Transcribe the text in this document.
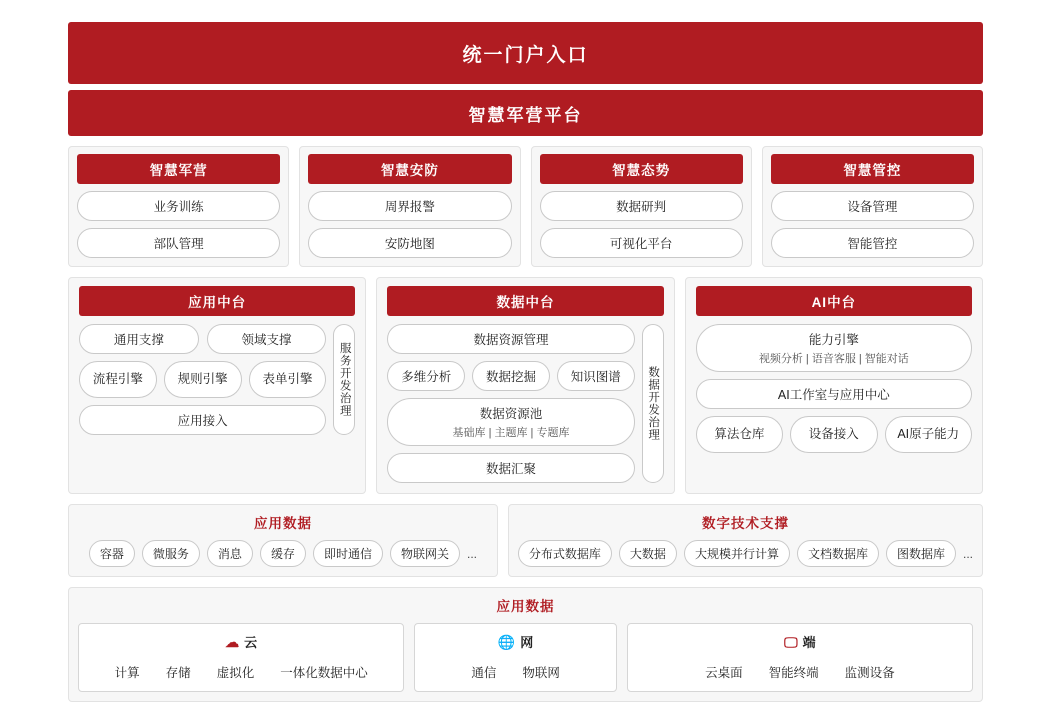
统一门户入口
智慧军营平台
智慧军营
业务训练
部队管理
智慧安防
周界报警
安防地图
智慧态势
数据研判
可视化平台
智慧管控
设备管理
智能管控
应用中台
通用支撑	领域支撑
流程引擎	规则引擎	表单引擎
应用接入
服务开发治理
数据中台
数据资源管理
多维分析	数据挖掘	知识图谱
数据资源池
基础库 | 主题库 | 专题库
数据汇聚
数据开发治理
AI中台
能力引擎
视频分析 | 语音客服 | 智能对话
AI工作室与应用中心
算法仓库	设备接入	AI原子能力
应用数据
容器	微服务	消息	缓存	即时通信	物联网关	...
数字技术支撑
分布式数据库	大数据	大规模并行计算	文档数据库	图数据库	...
应用数据
☁ 云
计算 存储 虚拟化 一体化数据中心
🌐 网
通信 物联网
🖵 端
云桌面 智能终端 监测设备
